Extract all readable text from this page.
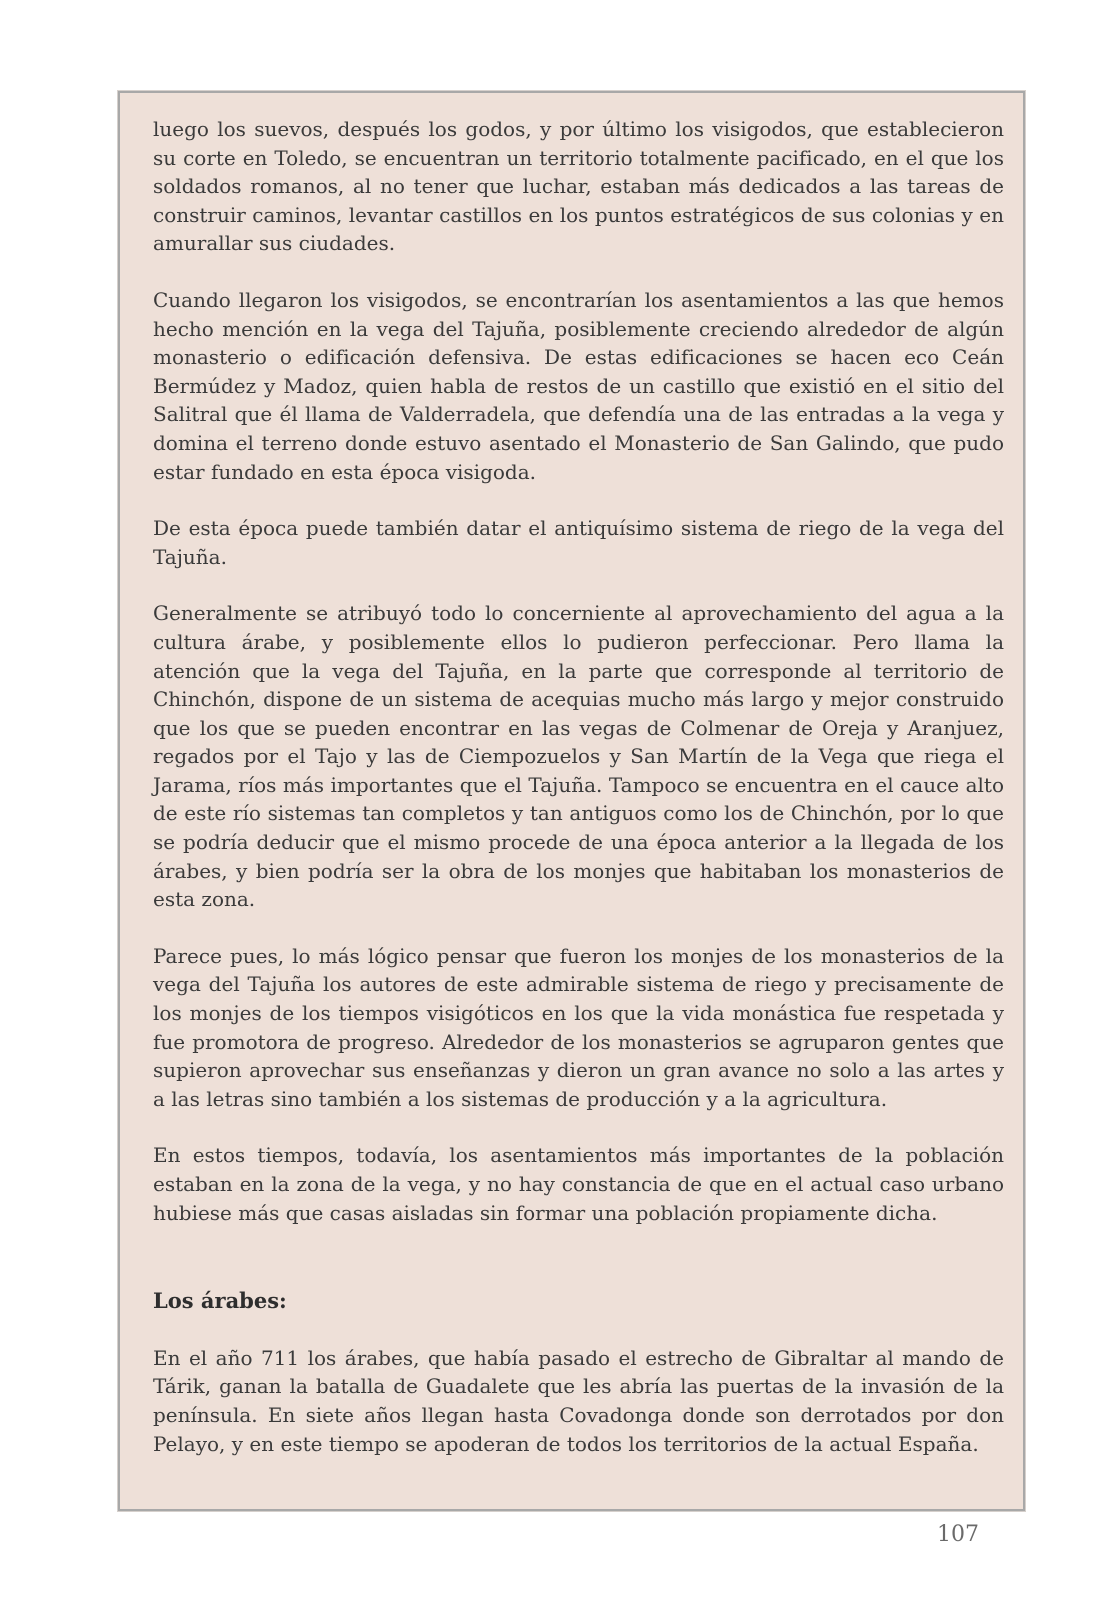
luego los suevos, después los godos, y por último los visigodos, que establecieron su corte en Toledo, se encuentran un territorio totalmente pacificado, en el que los soldados romanos, al no tener que luchar, estaban más dedicados a las tareas de construir caminos, levantar castillos en los puntos estratégicos de sus colonias y en amurallar sus ciudades.

Cuando llegaron los visigodos, se encontrarían los asentamientos a las que hemos hecho mención en la vega del Tajuña, posiblemente creciendo alrededor de algún monasterio o edificación defensiva. De estas edificaciones se hacen eco Ceán Bermúdez y Madoz, quien habla de restos de un castillo que existió en el sitio del Salitral que él llama de Valderradela, que defendía una de las entradas a la vega y domina el terreno donde estuvo asentado el Monasterio de San Galindo, que pudo estar fundado en esta época visigoda.

De esta época puede también datar el antiquísimo sistema de riego de la vega del Tajuña.

Generalmente se atribuyó todo lo concerniente al aprovechamiento del agua a la cultura árabe, y posiblemente ellos lo pudieron perfeccionar. Pero llama la atención que la vega del Tajuña, en la parte que corresponde al territorio de Chinchón, dispone de un sistema de acequias mucho más largo y mejor construido que los que se pueden encontrar en las vegas de Colmenar de Oreja y Aranjuez, regados por el Tajo y las de Ciempozuelos y San Martín de la Vega que riega el Jarama, ríos más importantes que el Tajuña. Tampoco se encuentra en el cauce alto de este río sistemas tan completos y tan antiguos como los de Chinchón, por lo que se podría deducir que el mismo procede de una época anterior a la llegada de los árabes, y bien podría ser la obra de los monjes que habitaban los monasterios de esta zona.

Parece pues, lo más lógico pensar que fueron los monjes de los monasterios de la vega del Tajuña los autores de este admirable sistema de riego y precisamente de los monjes de los tiempos visigóticos en los que la vida monástica fue respetada y fue promotora de progreso. Alrededor de los monasterios se agruparon gentes que supieron aprovechar sus enseñanzas y dieron un gran avance no solo a las artes y a las letras sino también a los sistemas de producción y a la agricultura.

En estos tiempos, todavía, los asentamientos más importantes de la población estaban en la zona de la vega, y no hay constancia de que en el actual caso urbano hubiese más que casas aisladas sin formar una población propiamente dicha.

Los árabes:

En el año 711 los árabes, que había pasado el estrecho de Gibraltar al mando de Tárik, ganan la batalla de Guadalete que les abría las puertas de la invasión de la península. En siete años llegan hasta Covadonga donde son derrotados por don Pelayo, y en este tiempo se apoderan de todos los territorios de la actual España.

107
